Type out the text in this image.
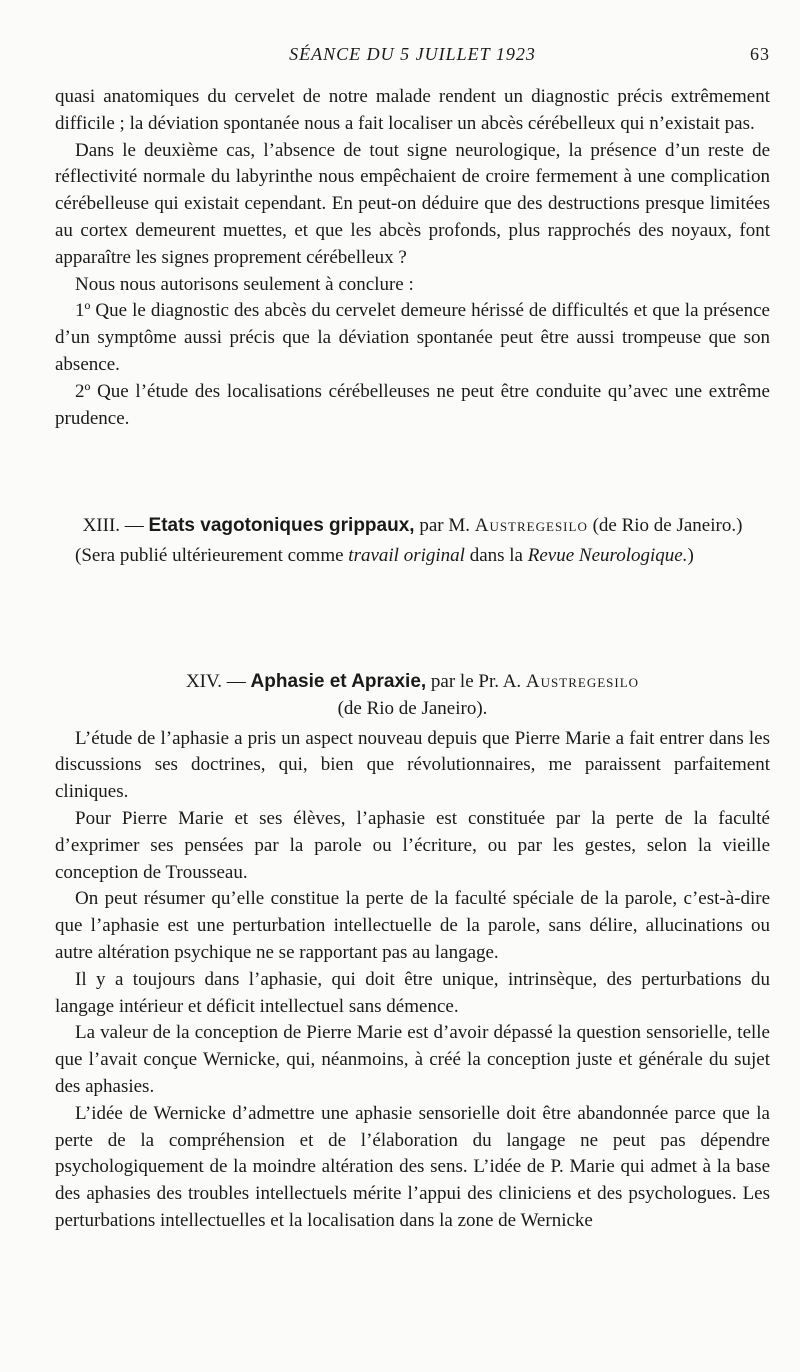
SÉANCE DU 5 JUILLET 1923	63

quasi anatomiques du cervelet de notre malade rendent un diagnostic précis extrêmement difficile ; la déviation spontanée nous a fait localiser un abcès cérébelleux qui n’existait pas.

Dans le deuxième cas, l’absence de tout signe neurologique, la présence d’un reste de réflectivité normale du labyrinthe nous empêchaient de croire fermement à une complication cérébelleuse qui existait cependant. En peut-on déduire que des destructions presque limitées au cortex demeurent muettes, et que les abcès profonds, plus rapprochés des noyaux, font apparaître les signes proprement cérébelleux ?

Nous nous autorisons seulement à conclure :

1º Que le diagnostic des abcès du cervelet demeure hérissé de difficultés et que la présence d’un symptôme aussi précis que la déviation spontanée peut être aussi trompeuse que son absence.

2º Que l’étude des localisations cérébelleuses ne peut être conduite qu’avec une extrême prudence.

XIII. — Etats vagotoniques grippaux, par M. Austregesilo (de Rio de Janeiro.)

(Sera publié ultérieurement comme travail original dans la Revue Neurologique.)

XIV. — Aphasie et Apraxie, par le Pr. A. Austregesilo

(de Rio de Janeiro).

L’étude de l’aphasie a pris un aspect nouveau depuis que Pierre Marie a fait entrer dans les discussions ses doctrines, qui, bien que révolutionnaires, me paraissent parfaitement cliniques.

Pour Pierre Marie et ses élèves, l’aphasie est constituée par la perte de la faculté d’exprimer ses pensées par la parole ou l’écriture, ou par les gestes, selon la vieille conception de Trousseau.

On peut résumer qu’elle constitue la perte de la faculté spéciale de la parole, c’est-à-dire que l’aphasie est une perturbation intellectuelle de la parole, sans délire, allucinations ou autre altération psychique ne se rapportant pas au langage.

Il y a toujours dans l’aphasie, qui doit être unique, intrinsèque, des perturbations du langage intérieur et déficit intellectuel sans démence.

La valeur de la conception de Pierre Marie est d’avoir dépassé la question sensorielle, telle que l’avait conçue Wernicke, qui, néanmoins, à créé la conception juste et générale du sujet des aphasies.

L’idée de Wernicke d’admettre une aphasie sensorielle doit être abandonnée parce que la perte de la compréhension et de l’élaboration du langage ne peut pas dépendre psychologiquement de la moindre altération des sens. L’idée de P. Marie qui admet à la base des aphasies des troubles intellectuels mérite l’appui des cliniciens et des psychologues. Les perturbations intellectuelles et la localisation dans la zone de Wernicke
